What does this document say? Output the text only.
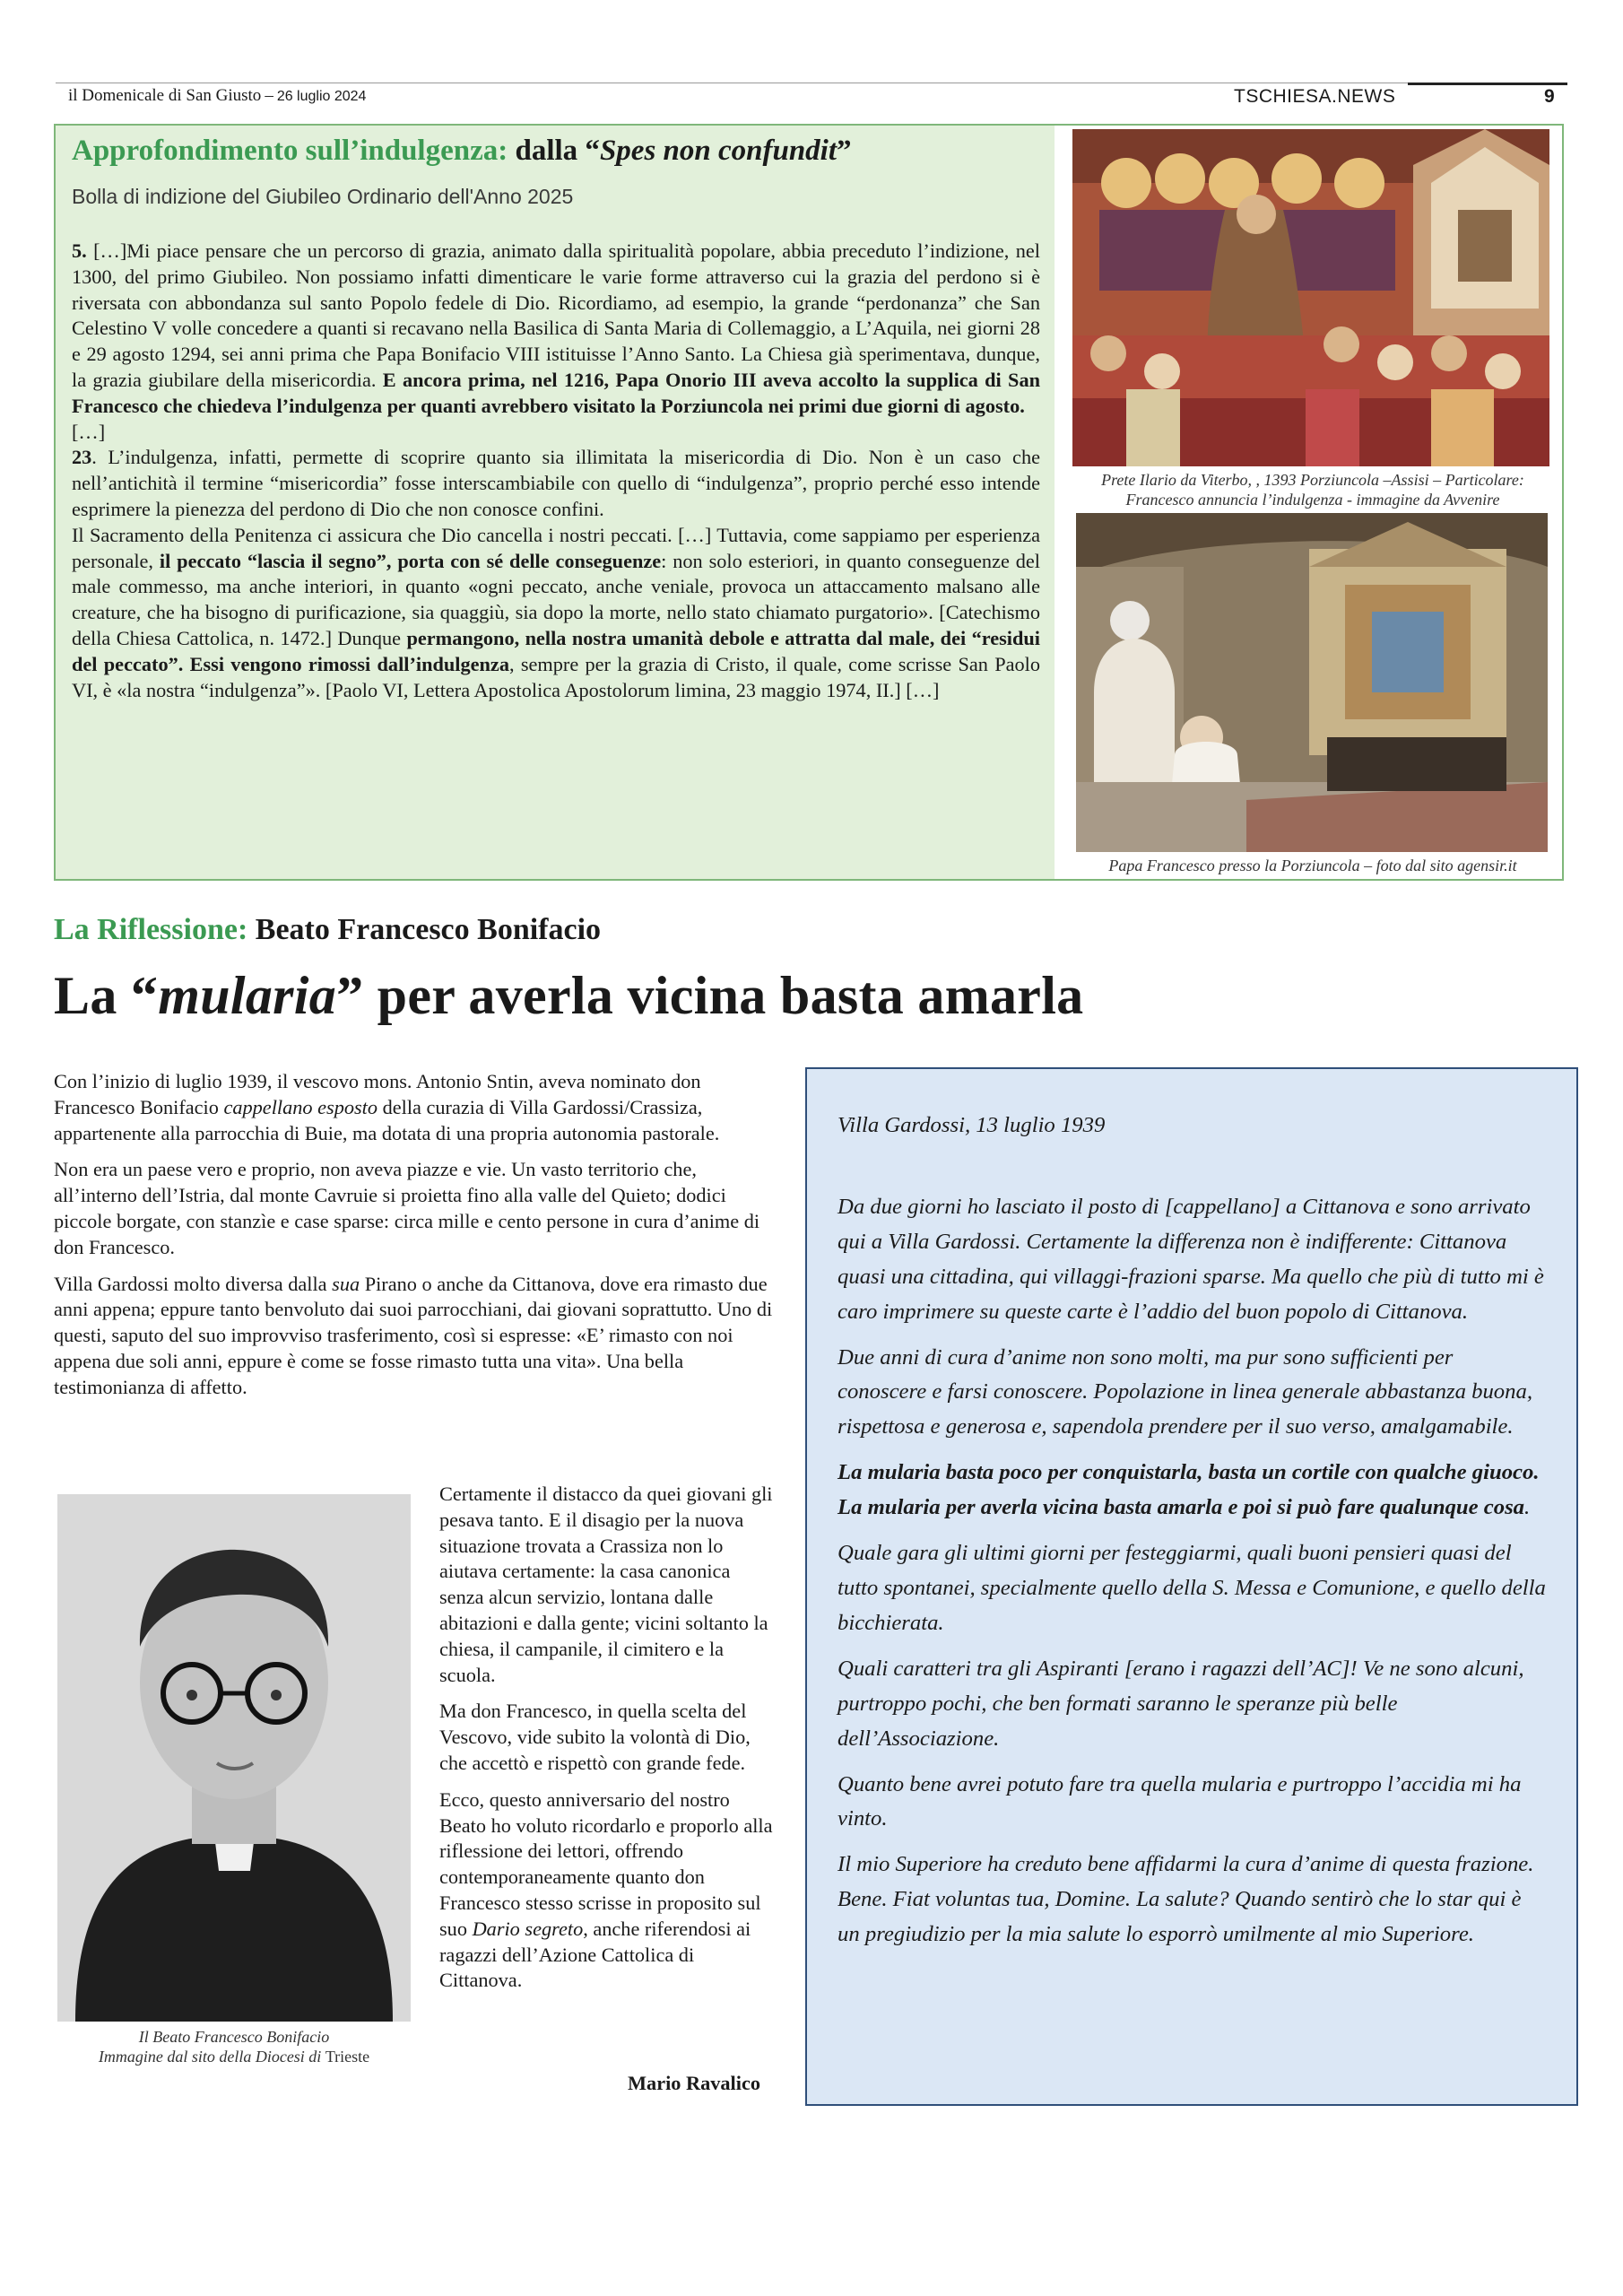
il Domenicale di San Giusto – 26 luglio 2024	TSCHIESA.NEWS	9
Approfondimento sull’indulgenza: dalla “Spes non confundit”
Bolla di indizione del Giubileo Ordinario dell'Anno 2025

5. […]Mi piace pensare che un percorso di grazia, animato dalla spiritualità popolare, abbia preceduto l’indizione, nel 1300, del primo Giubileo. Non possiamo infatti dimenticare le varie forme attraverso cui la grazia del perdono si è riversata con abbondanza sul santo Popolo fedele di Dio. Ricordiamo, ad esempio, la grande “perdonanza” che San Celestino V volle concedere a quanti si recavano nella Basilica di Santa Maria di Collemaggio, a L’Aquila, nei giorni 28 e 29 agosto 1294, sei anni prima che Papa Bonifacio VIII istituisse l’Anno Santo. La Chiesa già sperimentava, dunque, la grazia giubilare della misericordia. E ancora prima, nel 1216, Papa Onorio III aveva accolto la supplica di San Francesco che chiedeva l’indulgenza per quanti avrebbero visitato la Porziuncola nei primi due giorni di agosto.

[…]

23. L’indulgenza, infatti, permette di scoprire quanto sia illimitata la misericordia di Dio. Non è un caso che nell’antichità il termine “misericordia” fosse interscambiabile con quello di “indulgenza”, proprio perché esso intende esprimere la pienezza del perdono di Dio che non conosce confini.

Il Sacramento della Penitenza ci assicura che Dio cancella i nostri peccati. […] Tuttavia, come sappiamo per esperienza personale, il peccato “lascia il segno”, porta con sé delle conseguenze: non solo esteriori, in quanto conseguenze del male commesso, ma anche interiori, in quanto «ogni peccato, anche veniale, provoca un attaccamento malsano alle creature, che ha bisogno di purificazione, sia quaggiù, sia dopo la morte, nello stato chiamato purgatorio». [Catechismo della Chiesa Cattolica, n. 1472.] Dunque permangono, nella nostra umanità debole e attratta dal male, dei “residui del peccato”. Essi vengono rimossi dall’indulgenza, sempre per la grazia di Cristo, il quale, come scrisse San Paolo VI, è «la nostra “indulgenza”». [Paolo VI, Lettera Apostolica Apostolorum limina, 23 maggio 1974, II.] […]

Prete Ilario da Viterbo, , 1393 Porziuncola –Assisi – Particolare: Francesco annuncia l’indulgenza - immagine da Avvenire
Papa Francesco presso la Porziuncola – foto dal sito agensir.it
La Riflessione: Beato Francesco Bonifacio
La “mularia” per averla vicina basta amarla

Con l’inizio di luglio 1939, il vescovo mons. Antonio Sntin, aveva nominato don Francesco Bonifacio cappellano esposto della curazia di Villa Gardossi/Crassiza, appartenente alla parrocchia di Buie, ma dotata di una propria autonomia pastorale.

Non era un paese vero e proprio, non aveva piazze e vie. Un vasto territorio che, all’interno dell’Istria, dal monte Cavruie si proietta fino alla valle del Quieto; dodici piccole borgate, con stanzìe e case sparse: circa mille e cento persone in cura d’anime di don Francesco.

Villa Gardossi molto diversa dalla sua Pirano o anche da Cittanova, dove era rimasto due anni appena; eppure tanto benvoluto dai suoi parrocchiani, dai giovani soprattutto. Uno di questi, saputo del suo improvviso trasferimento, così si espresse: «E’ rimasto con noi appena due soli anni, eppure è come se fosse rimasto tutta una vita». Una bella testimonianza di affetto.

Il Beato Francesco Bonifacio
Immagine dal sito della Diocesi di Trieste

Certamente il distacco da quei giovani gli pesava tanto. E il disagio per la nuova situazione trovata a Crassiza non lo aiutava certamente: la casa canonica senza alcun servizio, lontana dalle abitazioni e dalla gente; vicini soltanto la chiesa, il campanile, il cimitero e la scuola.

Ma don Francesco, in quella scelta del Vescovo, vide subito la volontà di Dio, che accettò e rispettò con grande fede.

Ecco, questo anniversario del nostro Beato ho voluto ricordarlo e proporlo alla riflessione dei lettori, offrendo contemporaneamente quanto don Francesco stesso scrisse in proposito sul suo Dario segreto, anche riferendosi ai ragazzi dell’Azione Cattolica di Cittanova.

Mario Ravalico

Villa Gardossi, 13 luglio 1939

Da due giorni ho lasciato il posto di [cappellano] a Cittanova e sono arrivato qui a Villa Gardossi. Certamente la differenza non è indifferente: Cittanova quasi una cittadina, qui villaggi-frazioni sparse. Ma quello che più di tutto mi è caro imprimere su queste carte è l’addio del buon popolo di Cittanova.

Due anni di cura d’anime non sono molti, ma pur sono sufficienti per conoscere e farsi conoscere. Popolazione in linea generale abbastanza buona, rispettosa e generosa e, sapendola prendere per il suo verso, amalgamabile.

La mularia basta poco per conquistarla, basta un cortile con qualche giuoco. La mularia per averla vicina basta amarla e poi si può fare qualunque cosa.

Quale gara gli ultimi giorni per festeggiarmi, quali buoni pensieri quasi del tutto spontanei, specialmente quello della S. Messa e Comunione, e quello della bicchierata.

Quali caratteri tra gli Aspiranti [erano i ragazzi dell’AC]! Ve ne sono alcuni, purtroppo pochi, che ben formati saranno le speranze più belle dell’Associazione.

Quanto bene avrei potuto fare tra quella mularia e purtroppo l’accidia mi ha vinto.

Il mio Superiore ha creduto bene affidarmi la cura d’anime di questa frazione. Bene. Fiat voluntas tua, Domine. La salute? Quando sentirò che lo star qui è un pregiudizio per la mia salute lo esporrò umilmente al mio Superiore.
